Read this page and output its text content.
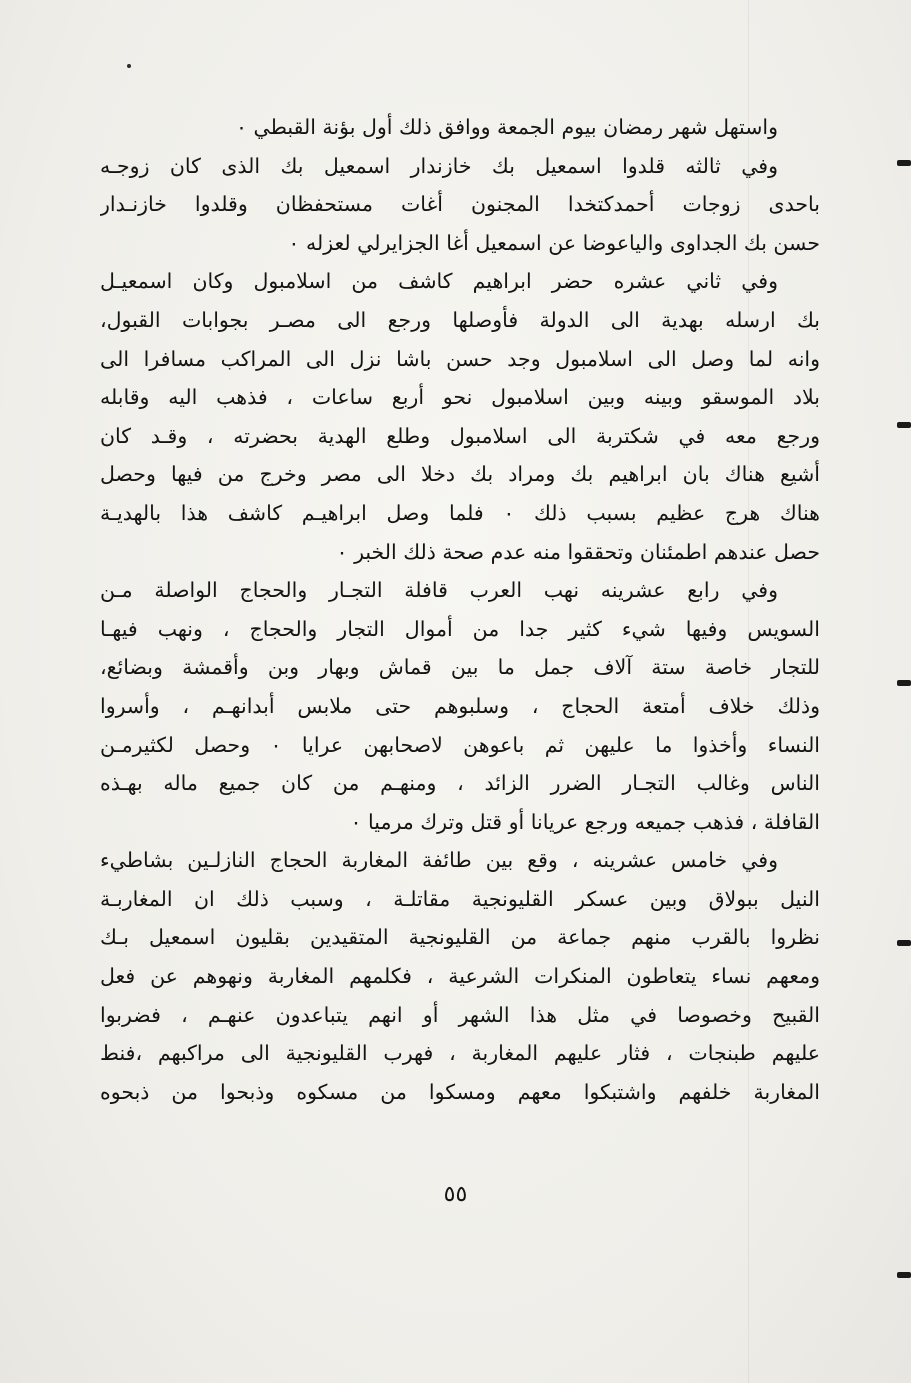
واستهل شهر رمضان بيوم الجمعة ووافق ذلك أول بؤنة القبطي ٠
وفي ثالثه قلدوا اسمعيل بك خازندار اسمعيل بك الذى كان زوجـه
باحدى زوجات أحمدكتخدا المجنون أغات مستحفظان وقلدوا خازنـدار
حسن بك الجداوى والياعوضا عن اسمعيل أغا الجزايرلي لعزله ٠
وفي ثاني عشره حضر ابراهيم كاشف من اسلامبول وكان اسمعيـل
بك ارسله بهدية الى الدولة فأوصلها ورجع الى مصـر بجوابات القبول،
وانه لما وصل الى اسلامبول وجد حسن باشا نزل الى المراكب مسافرا الى
بلاد الموسقو وبينه وبين اسلامبول نحو أربع ساعات ، فذهب اليه وقابله
ورجع معه في شكتربة الى اسلامبول وطلع الهدية بحضرته ، وقـد كان
أشيع هناك بان ابراهيم بك ومراد بك دخلا الى مصر وخرج من فيها وحصل
هناك هرج عظيم بسبب ذلك ٠ فلما وصل ابراهيـم كاشف هذا بالهديـة
حصل عندهم اطمئنان وتحققوا منه عدم صحة ذلك الخبر ٠
وفي رابع عشرينه نهب العرب قافلة التجـار والحجاج الواصلة مـن
السويس وفيها شيء كثير جدا من أموال التجار والحجاج ، ونهب فيهـا
للتجار خاصة ستة آلاف جمل ما بين قماش وبهار وبن وأقمشة وبضائع،
وذلك خلاف أمتعة الحجاج ، وسلبوهم حتى ملابس أبدانهـم ، وأسروا
النساء وأخذوا ما عليهن ثم باعوهن لاصحابهن عرايا ٠ وحصل لكثيرمـن
الناس وغالب التجـار الضرر الزائد ، ومنهـم من كان جميع ماله بهـذه
القافلة ، فذهب جميعه ورجع عريانا أو قتل وترك مرميا ٠
وفي خامس عشرينه ، وقع بين طائفة المغاربة الحجاج النازلـين بشاطيء
النيل ببولاق وبين عسكر القليونجية مقاتلـة ، وسبب ذلك ان المغاربـة
نظروا بالقرب منهم جماعة من القليونجية المتقيدين بقليون اسمعيل بـك
ومعهم نساء يتعاطون المنكرات الشرعية ، فكلمهم المغاربة ونهوهم عن فعل
القبيح وخصوصا في مثل هذا الشهر أو انهم يتباعدون عنهـم ، فضربوا
عليهم طبنجات ، فثار عليهم المغاربة ، فهرب القليونجية الى مراكبهم ،فنط
المغاربة خلفهم واشتبكوا معهم ومسكوا من مسكوه وذبحوا من ذبحوه
٥٥
